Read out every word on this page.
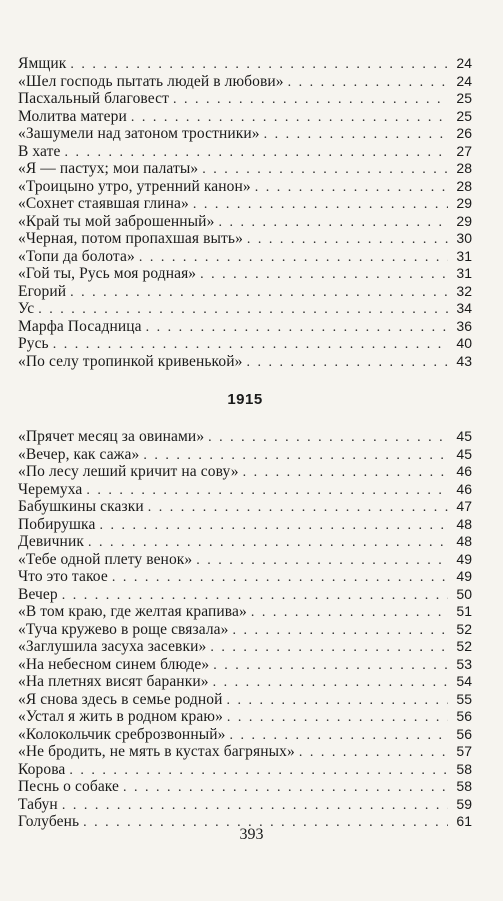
Ямщик . . .	24
«Шел господь пытать людей в любови» . . .	24
Пасхальный благовест . . .	25
Молитва матери . . .	25
«Зашумели над затоном тростники» . . .	26
В хате . . .	27
«Я — пастух; мои палаты» . . .	28
«Троицыно утро, утренний канон» . . .	28
«Сохнет стаявшая глина» . . .	29
«Край ты мой заброшенный» . . .	29
«Черная, потом пропахшая выть» . . .	30
«Топи да болота» . . .	31
«Гой ты, Русь моя родная» . . .	31
Егорий . . .	32
Ус . . .	34
Марфа Посадница . . .	36
Русь . . .	40
«По селу тропинкой кривенькой» . . .	43
1915
«Прячет месяц за овинами» . . .	45
«Вечер, как сажа» . . .	45
«По лесу леший кричит на сову» . . .	46
Черемуха . . .	46
Бабушкины сказки . . .	47
Побирушка . . .	48
Девичник . . .	48
«Тебе одной плету венок» . . .	49
Что это такое . . .	49
Вечер . . .	50
«В том краю, где желтая крапива» . . .	51
«Туча кружево в роще связала» . . .	52
«Заглушила засуха засевки» . . .	52
«На небесном синем блюде» . . .	53
«На плетнях висят баранки» . . .	54
«Я снова здесь в семье родной . . .	55
«Устал я жить в родном краю» . . .	56
«Колокольчик среброзвонный» . . .	56
«Не бродить, не мять в кустах багряных» . . .	57
Корова . . .	58
Песнь о собаке . . .	58
Табун . . .	59
Голубень . . .	61
393
